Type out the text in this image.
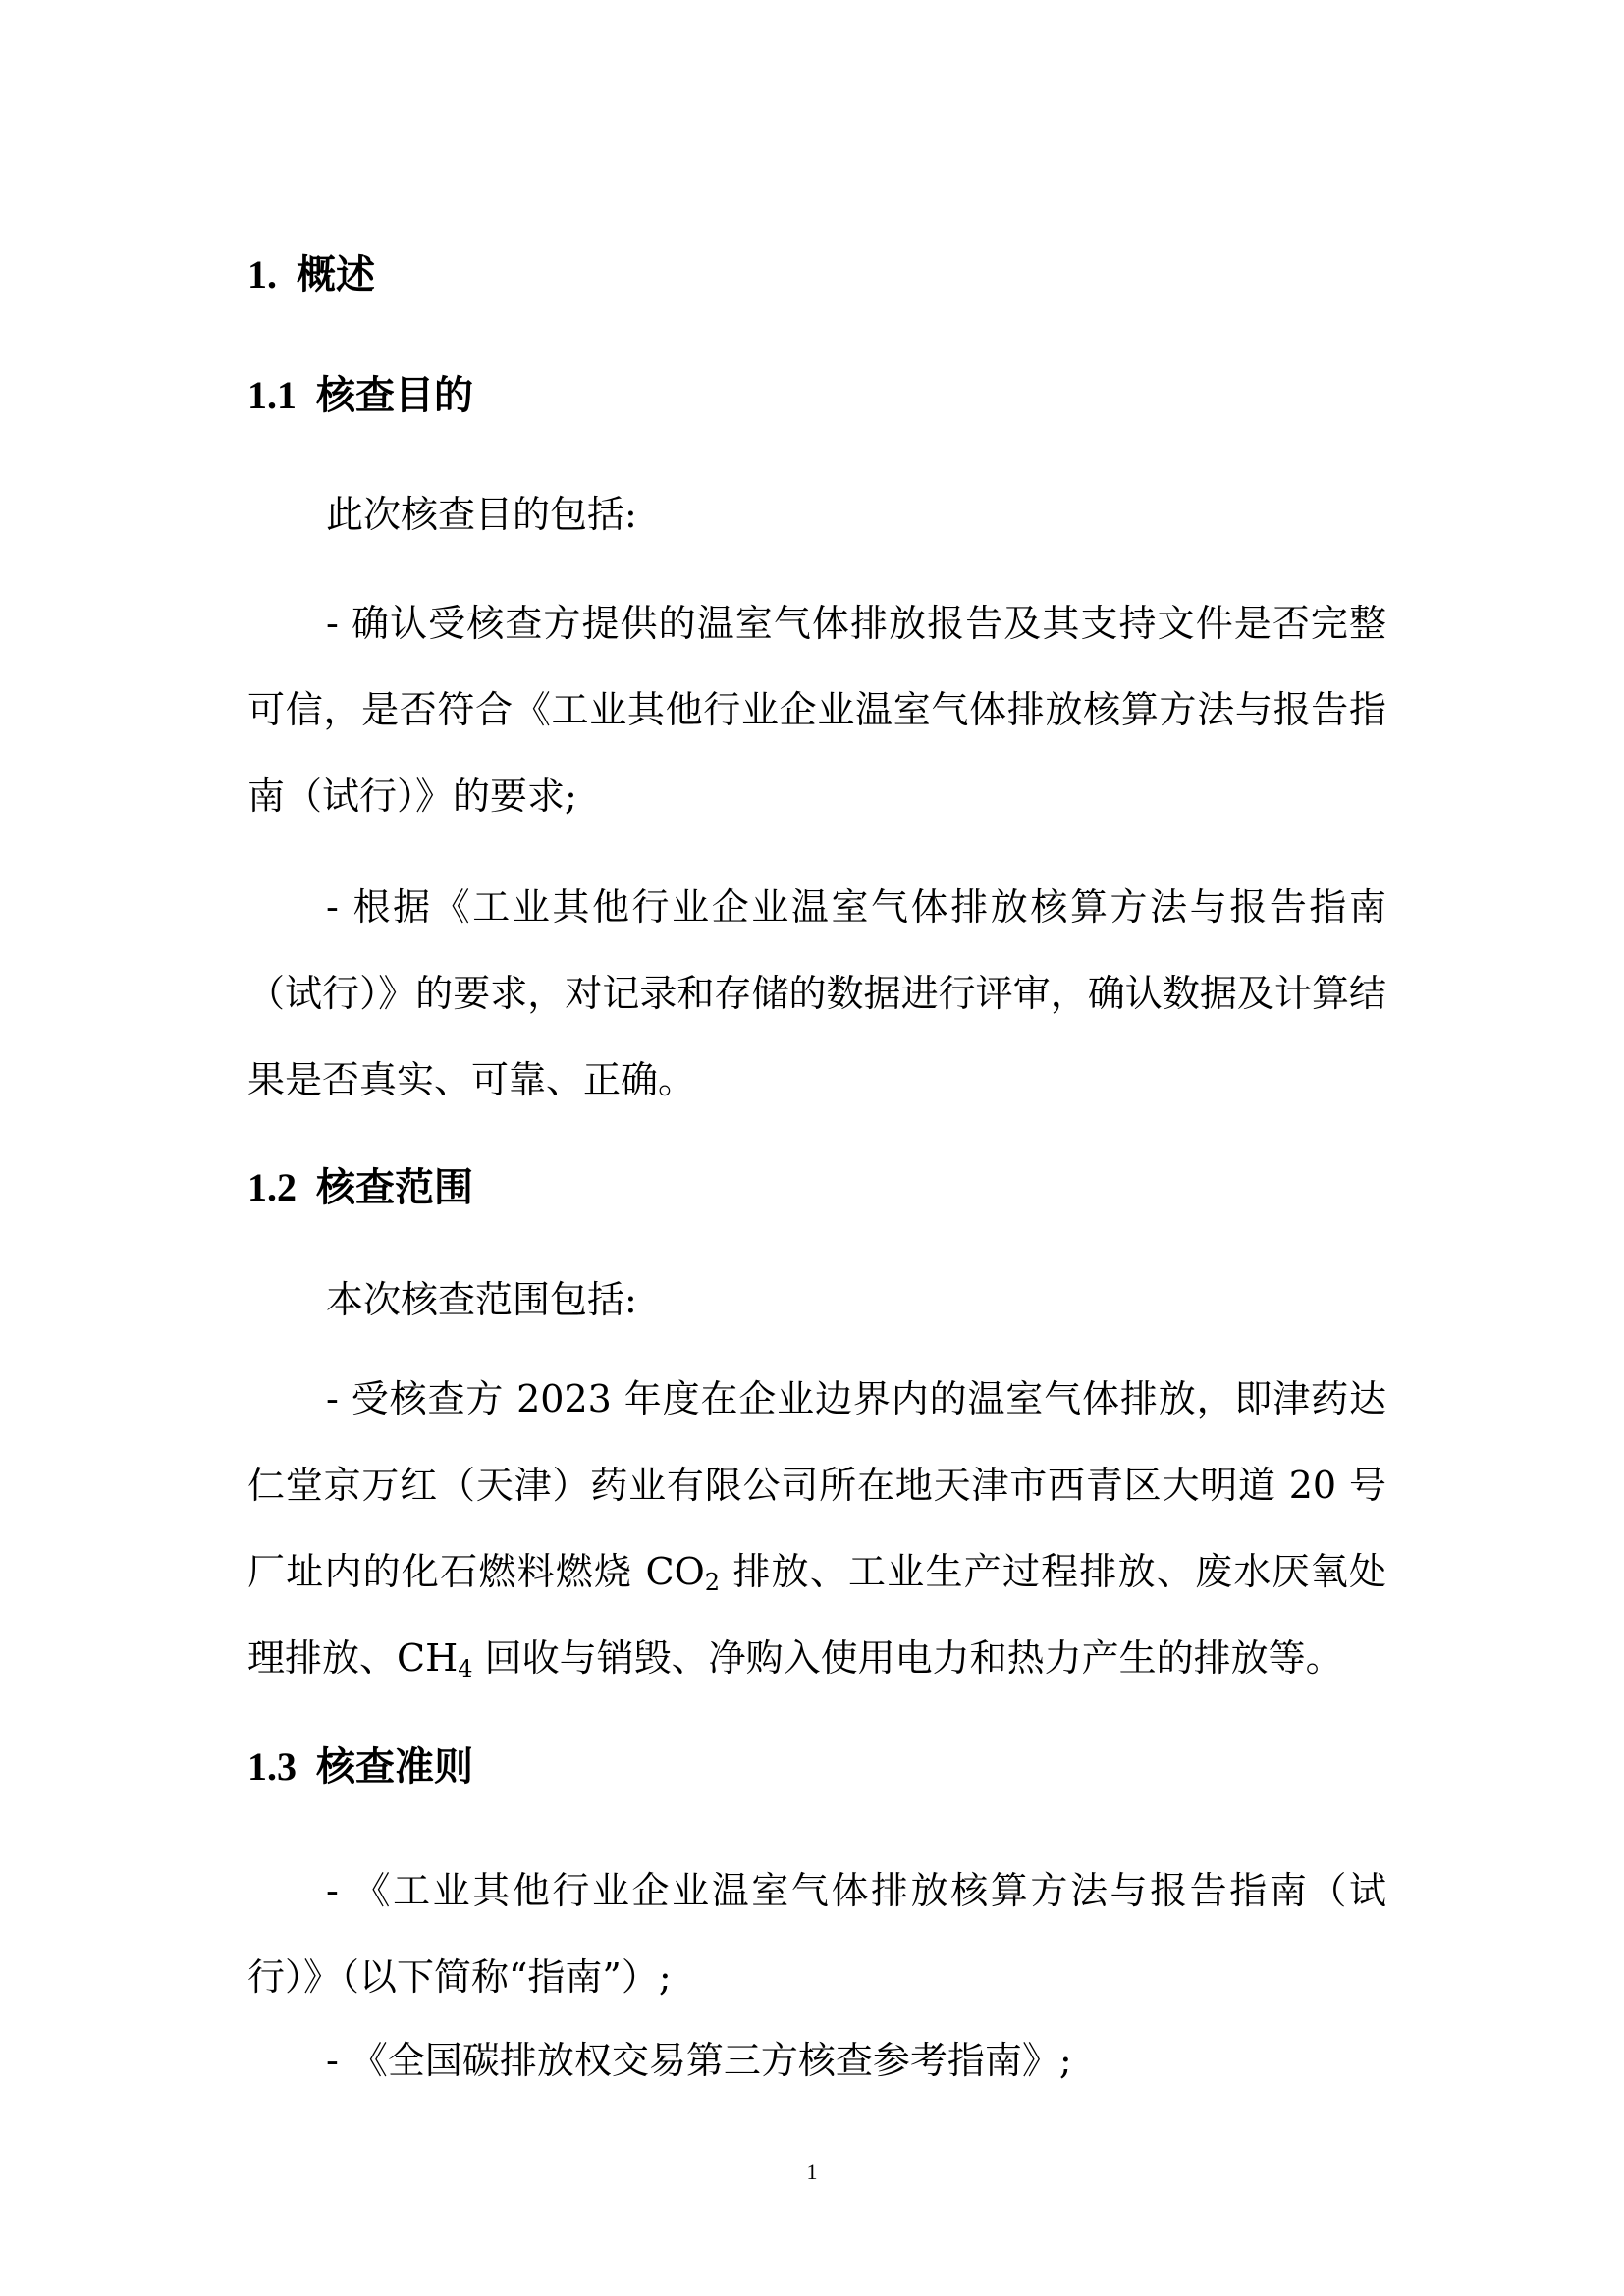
1. 概述
1.1 核查目的
此次核查目的包括:
- 确认受核查方提供的温室气体排放报告及其支持文件是否完整可信，是否符合《工业其他行业企业温室气体排放核算方法与报告指南（试行）》的要求;
- 根据《工业其他行业企业温室气体排放核算方法与报告指南（试行）》的要求，对记录和存储的数据进行评审，确认数据及计算结果是否真实、可靠、正确。
1.2 核查范围
本次核查范围包括:
- 受核查方 2023 年度在企业边界内的温室气体排放，即津药达仁堂京万红（天津）药业有限公司所在地天津市西青区大明道 20 号厂址内的化石燃料燃烧 $CO_2$ 排放、工业生产过程排放、废水厌氧处理排放、$CH_4$ 回收与销毁、净购入使用电力和热力产生的排放等。
1.3 核查准则
- 《工业其他行业企业温室气体排放核算方法与报告指南（试行）》（以下简称“指南”）;
- 《全国碳排放权交易第三方核查参考指南》;
1
